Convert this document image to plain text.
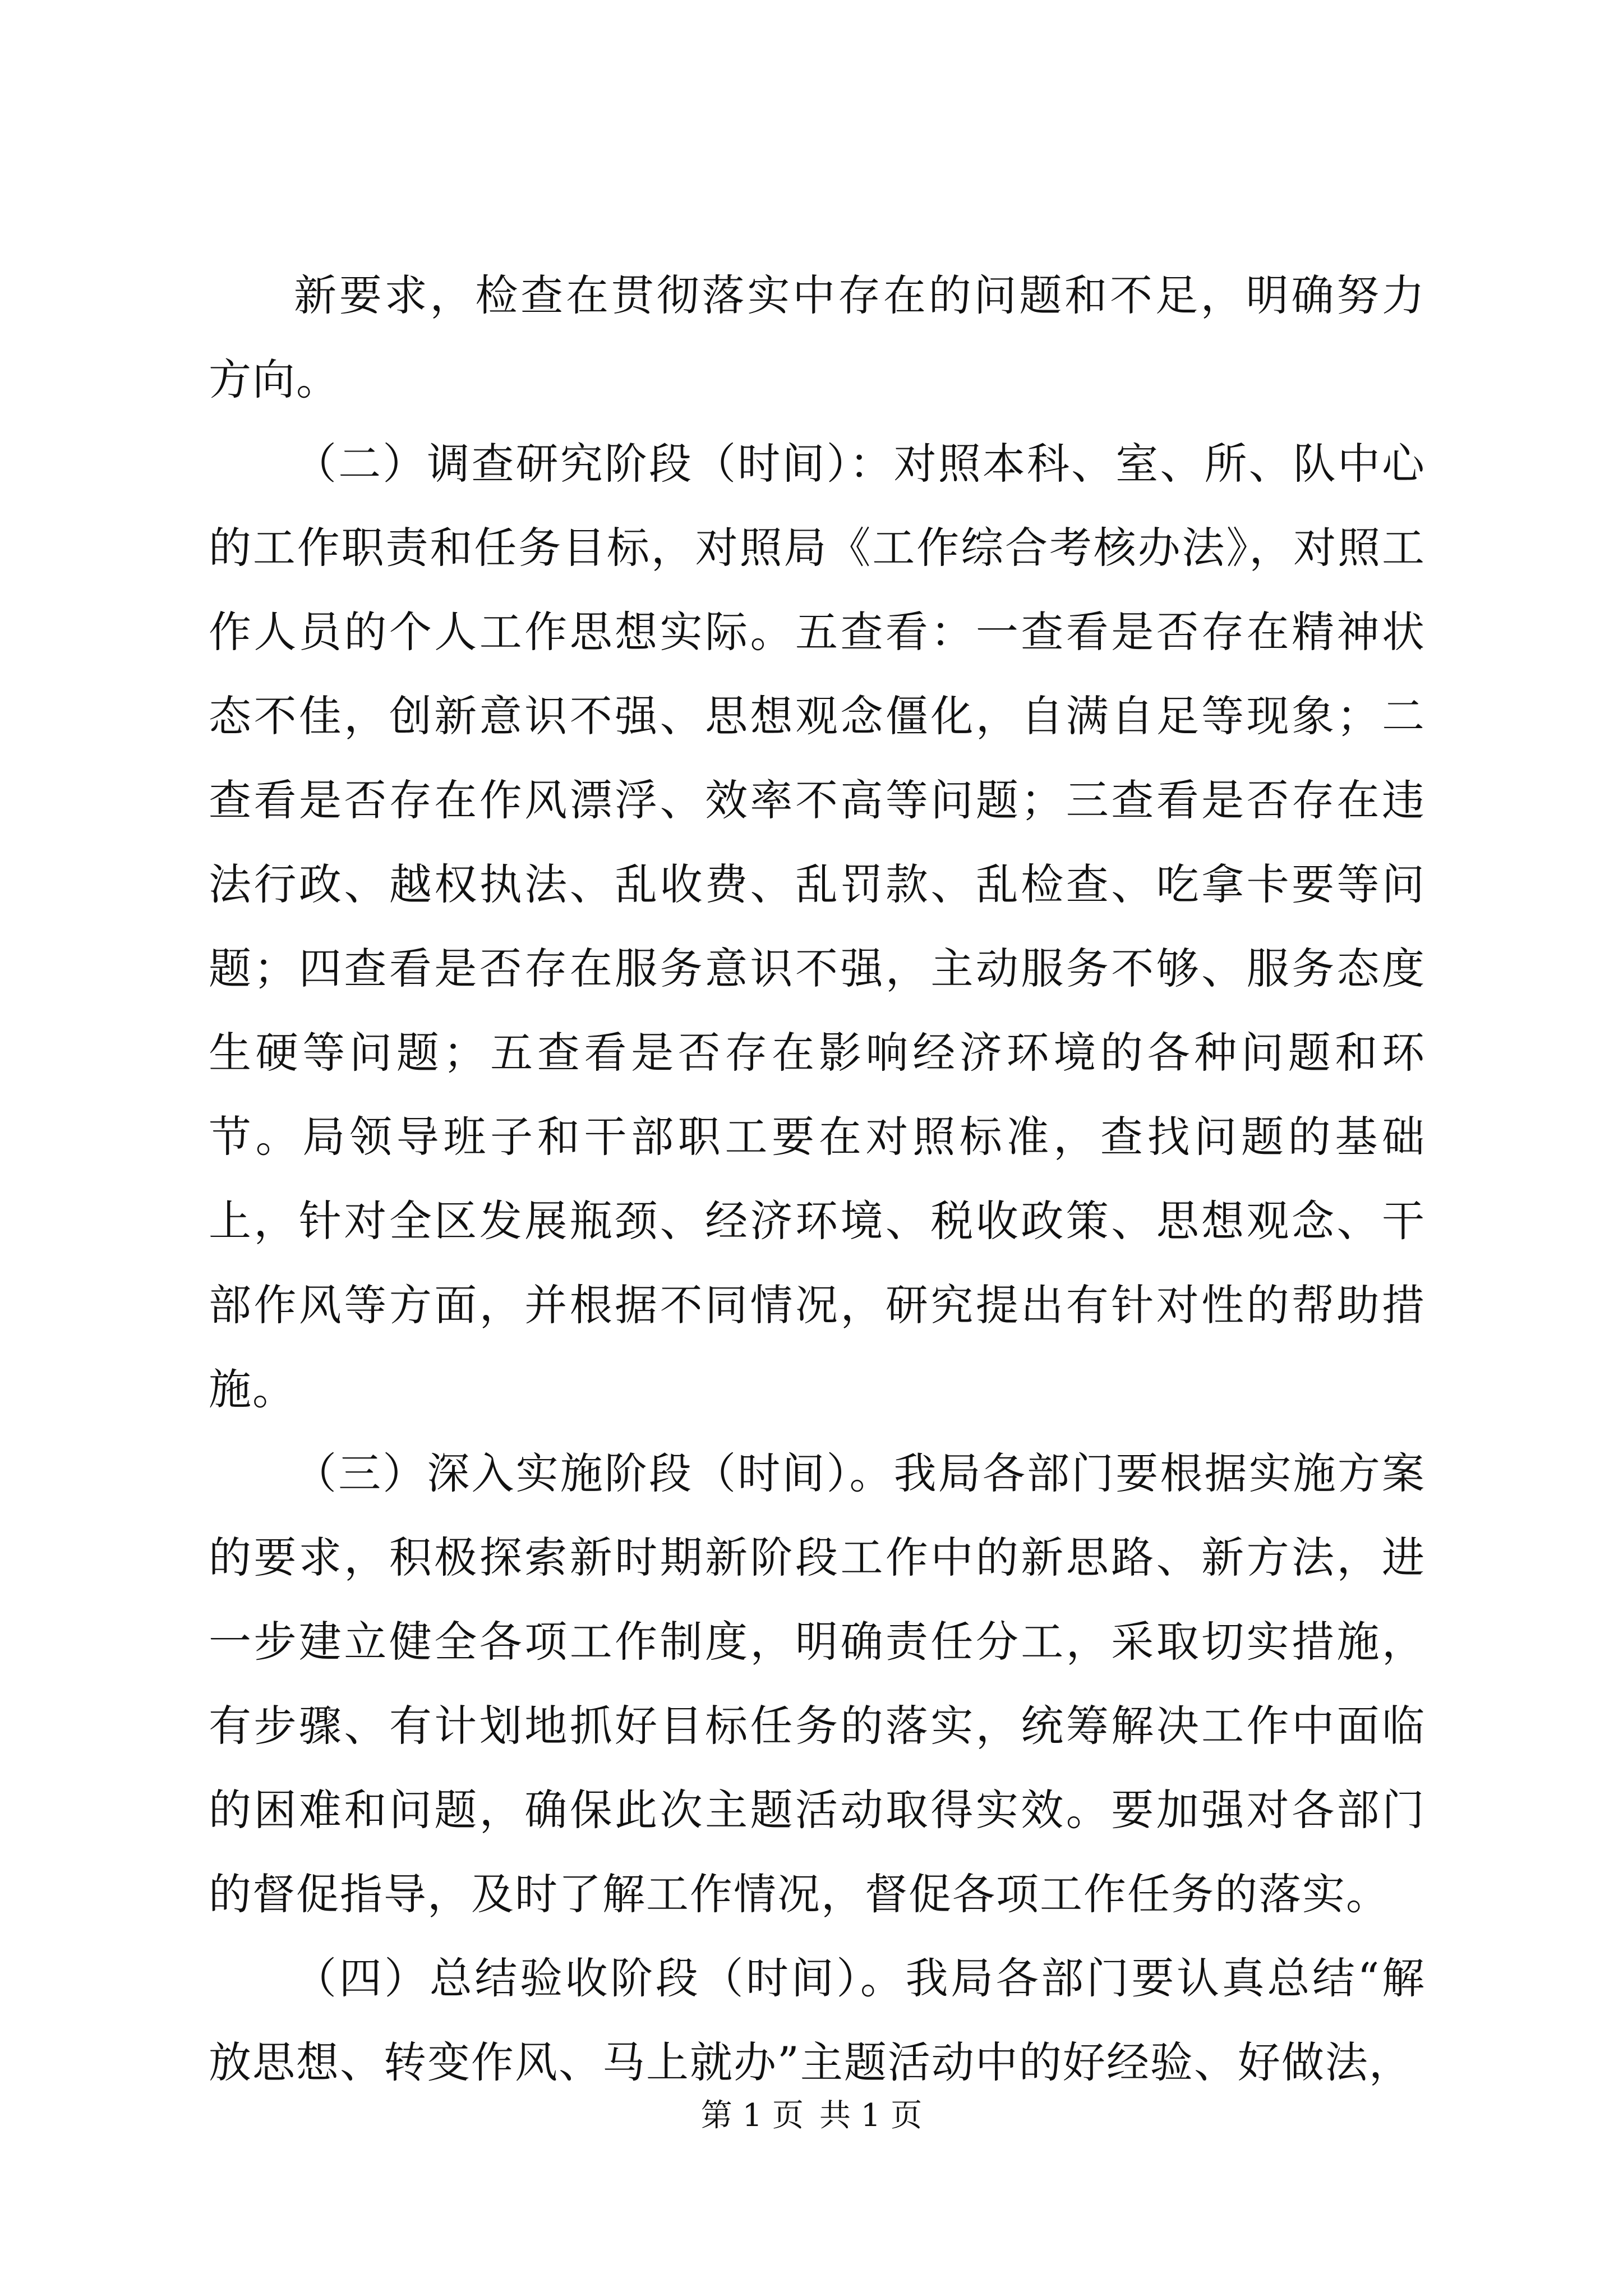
新要求，检查在贯彻落实中存在的问题和不足，明确努力方向。

（二）调查研究阶段（时间）：对照本科、室、所、队中心的工作职责和任务目标，对照局《工作综合考核办法》，对照工作人员的个人工作思想实际。五查看：一查看是否存在精神状态不佳，创新意识不强、思想观念僵化，自满自足等现象；二查看是否存在作风漂浮、效率不高等问题；三查看是否存在违法行政、越权执法、乱收费、乱罚款、乱检查、吃拿卡要等问题；四查看是否存在服务意识不强，主动服务不够、服务态度生硬等问题；五查看是否存在影响经济环境的各种问题和环节。局领导班子和干部职工要在对照标准，查找问题的基础上，针对全区发展瓶颈、经济环境、税收政策、思想观念、干部作风等方面，并根据不同情况，研究提出有针对性的帮助措施。

（三）深入实施阶段（时间）。我局各部门要根据实施方案的要求，积极探索新时期新阶段工作中的新思路、新方法，进一步建立健全各项工作制度，明确责任分工，采取切实措施，有步骤、有计划地抓好目标任务的落实，统筹解决工作中面临的困难和问题，确保此次主题活动取得实效。要加强对各部门的督促指导，及时了解工作情况，督促各项工作任务的落实。

（四）总结验收阶段（时间）。我局各部门要认真总结“解放思想、转变作风、马上就办”主题活动中的好经验、好做法，

第 1 页 共 1 页
